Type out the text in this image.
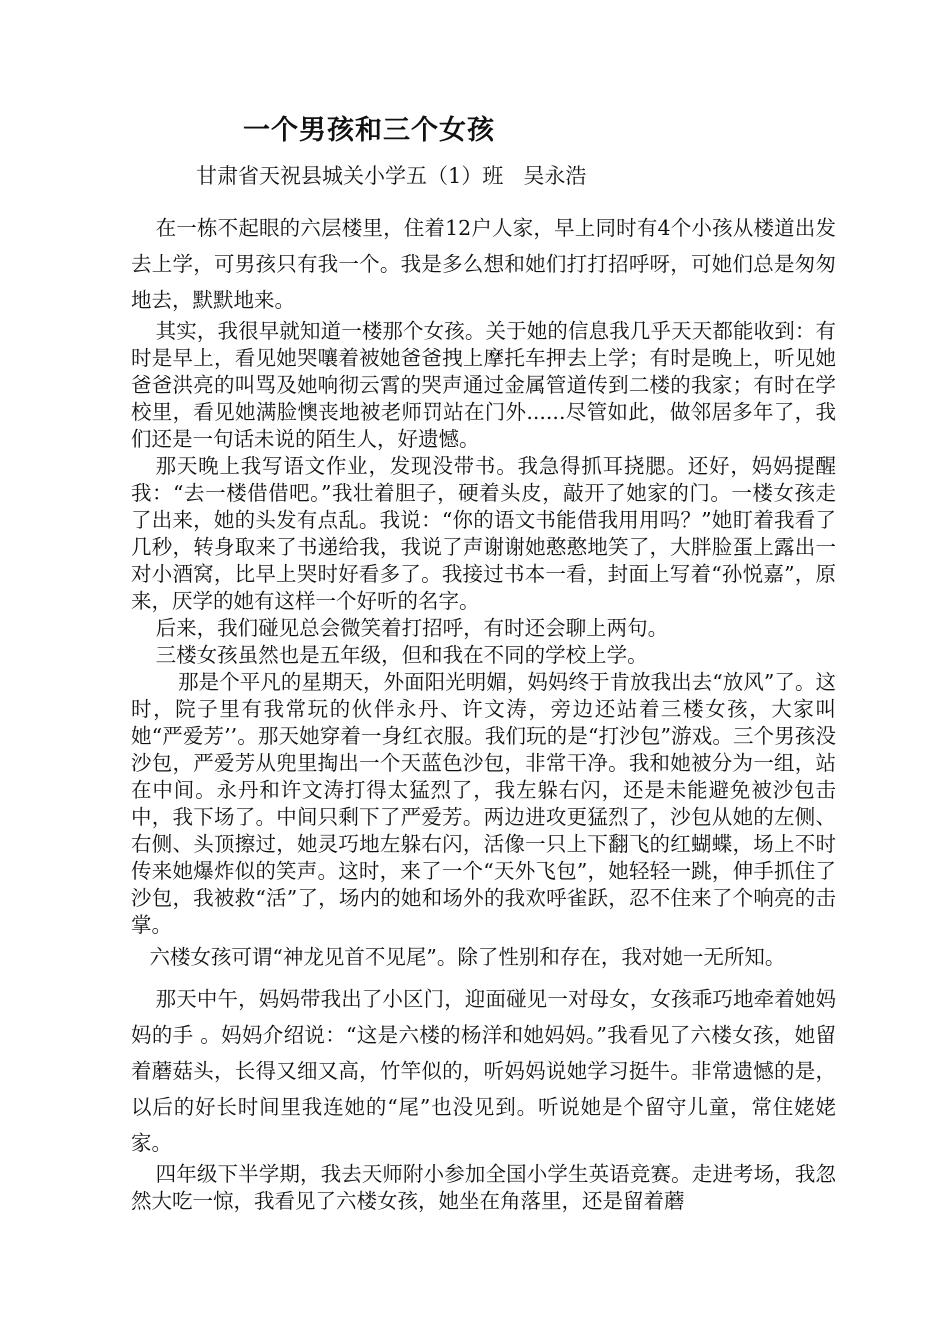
一个男孩和三个女孩

甘肃省天祝县城关小学五（1）班   吴永浩

在一栋不起眼的六层楼里，住着12户人家，早上同时有4个小孩从楼道出发去上学，可男孩只有我一个。我是多么想和她们打打招呼呀，可她们总是匆匆地去，默默地来。

其实，我很早就知道一楼那个女孩。关于她的信息我几乎天天都能收到：有时是早上，看见她哭嚷着被她爸爸拽上摩托车押去上学；有时是晚上，听见她爸爸洪亮的叫骂及她响彻云霄的哭声通过金属管道传到二楼的我家；有时在学校里，看见她满脸懊丧地被老师罚站在门外......尽管如此，做邻居多年了，我们还是一句话未说的陌生人，好遗憾。

那天晚上我写语文作业，发现没带书。我急得抓耳挠腮。还好，妈妈提醒我：“去一楼借借吧。”我壮着胆子，硬着头皮，敲开了她家的门。一楼女孩走了出来，她的头发有点乱。我说：“你的语文书能借我用用吗？”她盯着我看了几秒，转身取来了书递给我，我说了声谢谢她憨憨地笑了，大胖脸蛋上露出一对小酒窝，比早上哭时好看多了。我接过书本一看，封面上写着“孙悦嘉”，原来，厌学的她有这样一个好听的名字。

后来，我们碰见总会微笑着打招呼，有时还会聊上两句。

三楼女孩虽然也是五年级，但和我在不同的学校上学。

那是个平凡的星期天，外面阳光明媚，妈妈终于肯放我出去“放风”了。这时，院子里有我常玩的伙伴永丹、许文涛，旁边还站着三楼女孩，大家叫她“严爱芳’’。那天她穿着一身红衣服。我们玩的是“打沙包”游戏。三个男孩没沙包，严爱芳从兜里掏出一个天蓝色沙包，非常干净。我和她被分为一组，站在中间。永丹和许文涛打得太猛烈了，我左躲右闪，还是未能避免被沙包击中，我下场了。中间只剩下了严爱芳。两边进攻更猛烈了，沙包从她的左侧、右侧、头顶擦过，她灵巧地左躲右闪，活像一只上下翻飞的红蝴蝶，场上不时传来她爆炸似的笑声。这时，来了一个“天外飞包”，她轻轻一跳，伸手抓住了沙包，我被救“活”了，场内的她和场外的我欢呼雀跃，忍不住来了个响亮的击掌。

六楼女孩可谓“神龙见首不见尾”。除了性别和存在，我对她一无所知。

那天中午，妈妈带我出了小区门，迎面碰见一对母女，女孩乖巧地牵着她妈妈的手 。妈妈介绍说：“这是六楼的杨洋和她妈妈。”我看见了六楼女孩，她留着蘑菇头，长得又细又高，竹竿似的，听妈妈说她学习挺牛。非常遗憾的是，以后的好长时间里我连她的“尾”也没见到。听说她是个留守儿童，常住姥姥家。

四年级下半学期，我去天师附小参加全国小学生英语竞赛。走进考场，我忽然大吃一惊，我看见了六楼女孩，她坐在角落里，还是留着蘑
